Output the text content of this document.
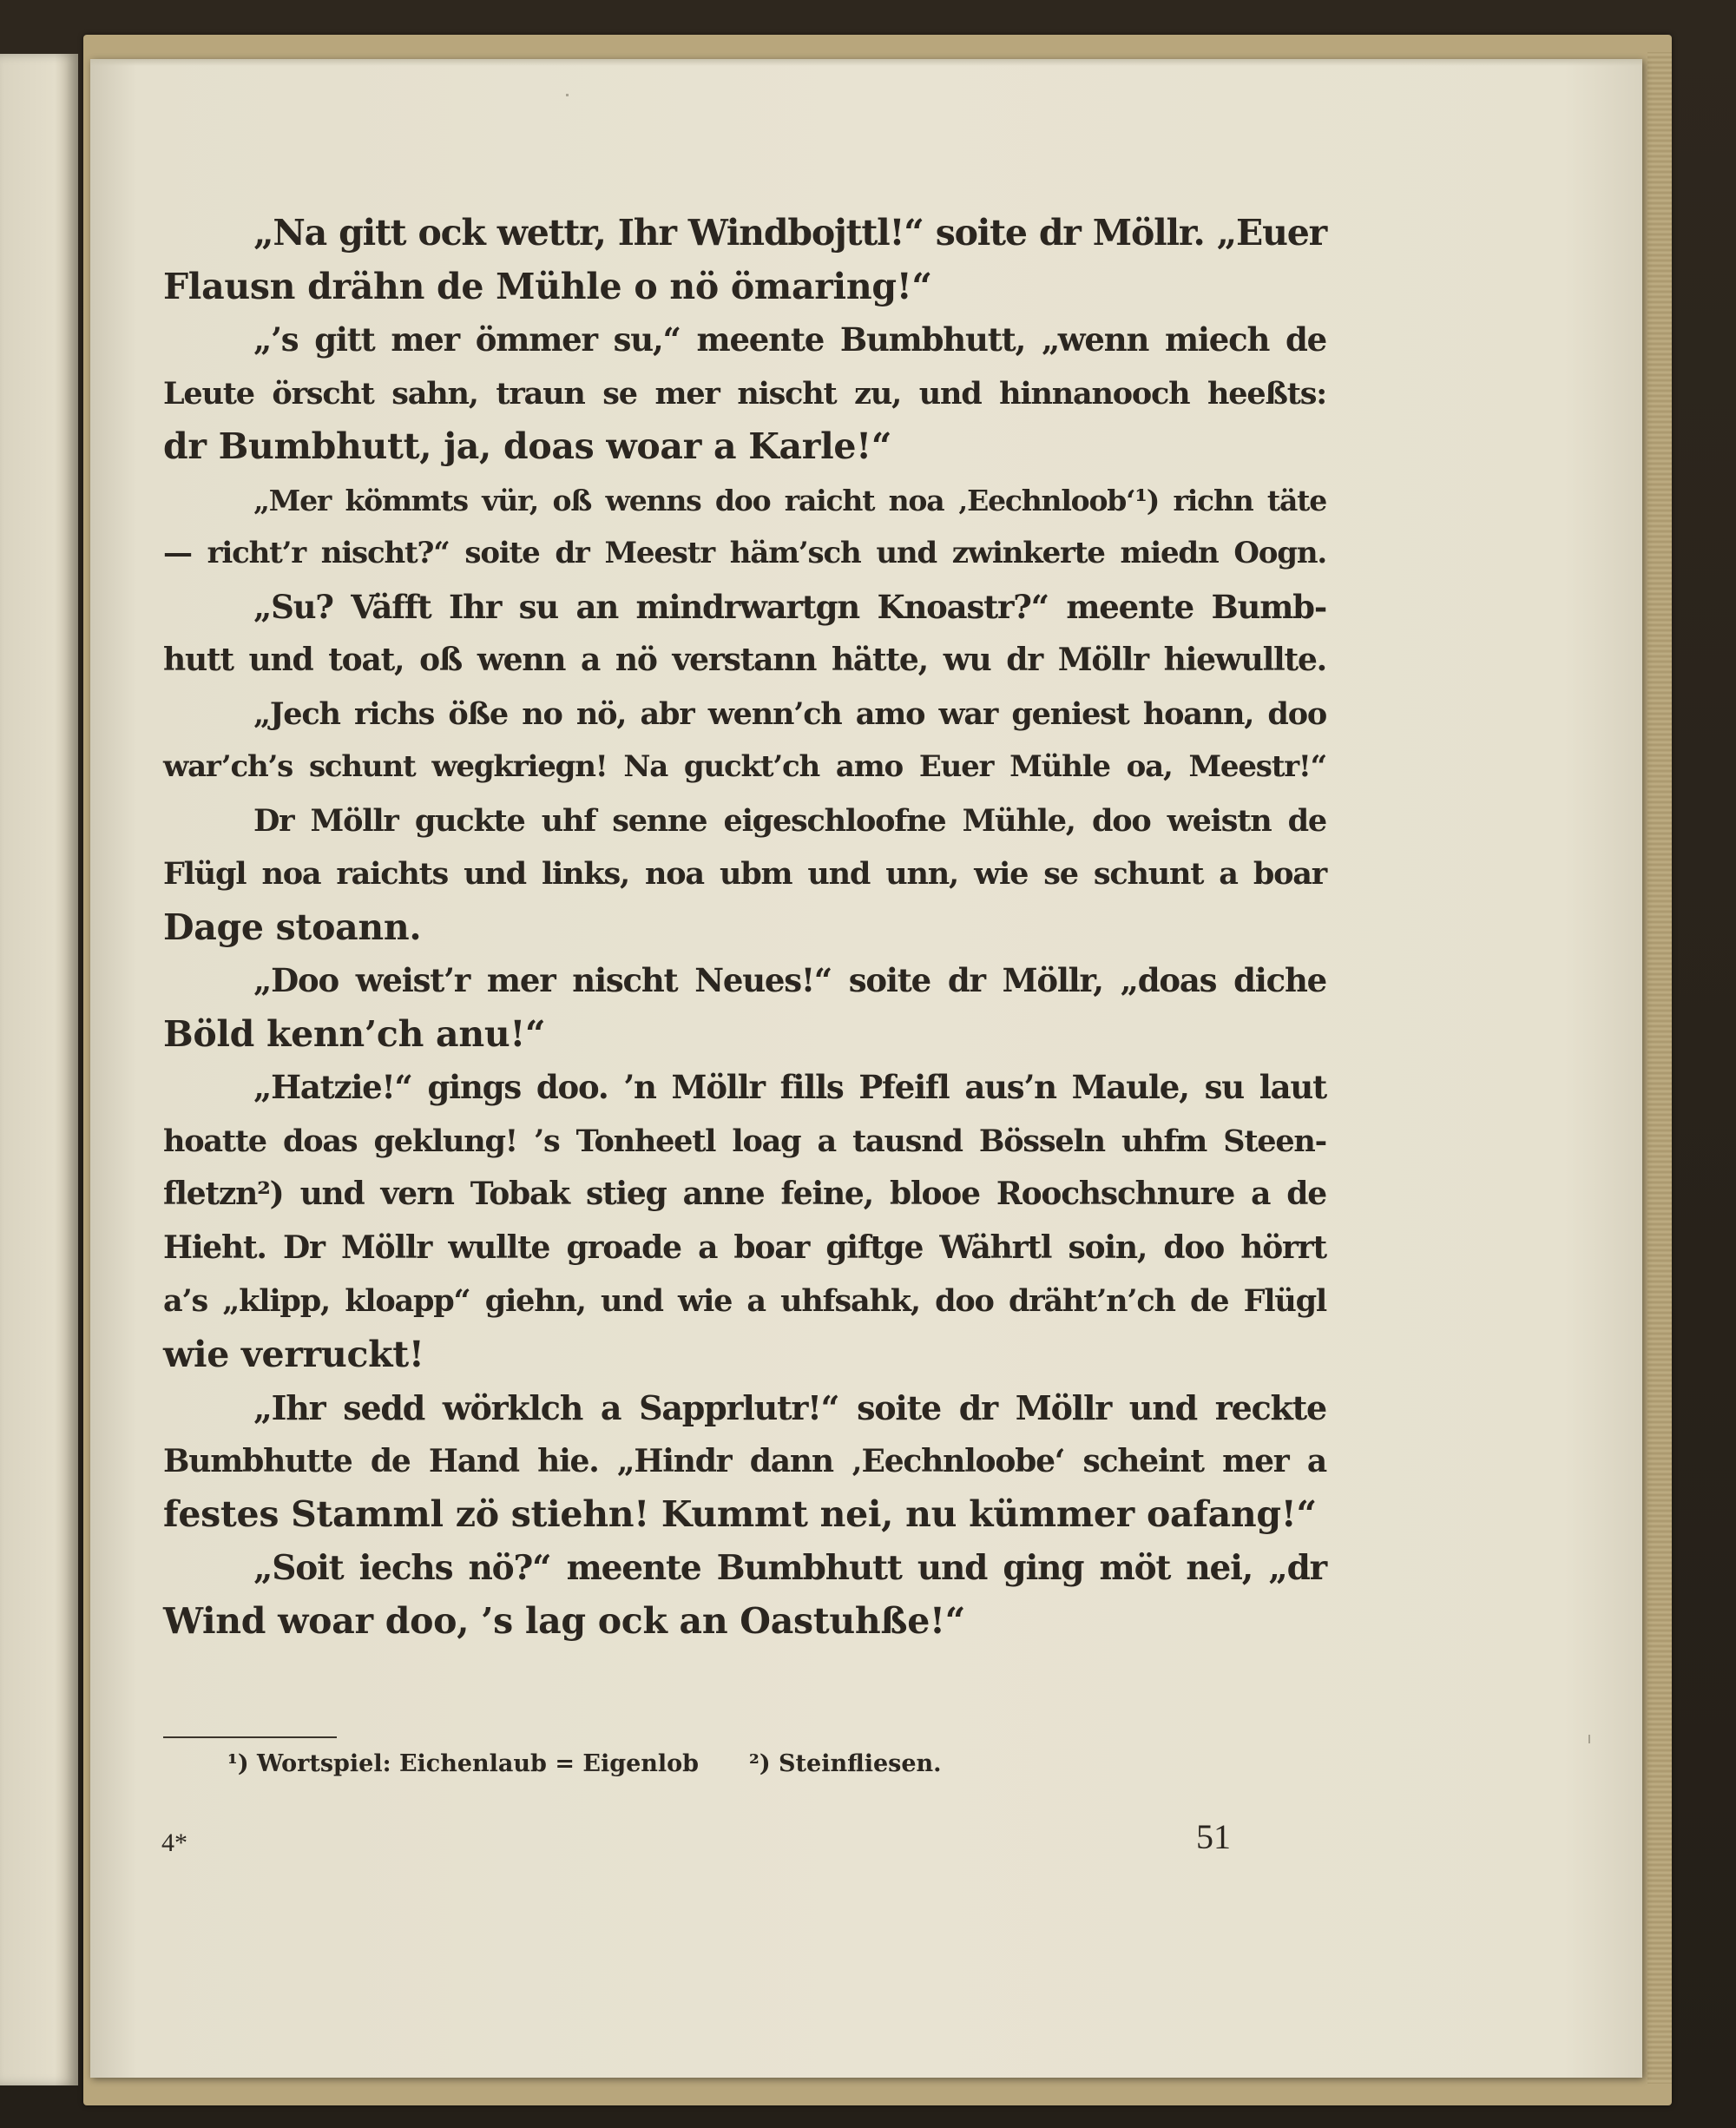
„Na gitt ock wettr, Ihr Windbojttl!“ soite dr Möllr. „Euer
Flausn drähn de Mühle o nö ömaring!“
„’s gitt mer ömmer su,“ meente Bumbhutt, „wenn miech de
Leute örscht sahn, traun se mer nischt zu, und hinnanooch heeßts:
dr Bumbhutt, ja, doas woar a Karle!“
„Mer kömmts vür, oß wenns doo raicht noa ‚Eechnloob‘¹) richn täte
— richt’r nischt?“ soite dr Meestr häm’sch und zwinkerte miedn Oogn.
„Su? Väfft Ihr su an mindrwartgn Knoastr?“ meente Bumb-
hutt und toat, oß wenn a nö verstann hätte, wu dr Möllr hiewullte.
„Jech richs öße no nö, abr wenn’ch amo war geniest hoann, doo
war’ch’s schunt wegkriegn! Na guckt’ch amo Euer Mühle oa, Meestr!“
Dr Möllr guckte uhf senne eigeschloofne Mühle, doo weistn de
Flügl noa raichts und links, noa ubm und unn, wie se schunt a boar
Dage stoann.
„Doo weist’r mer nischt Neues!“ soite dr Möllr, „doas diche
Böld kenn’ch anu!“
„Hatzie!“ gings doo. ’n Möllr fills Pfeifl aus’n Maule, su laut
hoatte doas geklung! ’s Tonheetl loag a tausnd Bösseln uhfm Steen-
fletzn²) und vern Tobak stieg anne feine, blooe Roochschnure a de
Hieht. Dr Möllr wullte groade a boar giftge Währtl soin, doo hörrt
a’s „klipp, kloapp“ giehn, und wie a uhfsahk, doo dräht’n’ch de Flügl
wie verruckt!
„Ihr sedd wörklch a Sapprlutr!“ soite dr Möllr und reckte
Bumbhutte de Hand hie. „Hindr dann ‚Eechnloobe‘ scheint mer a
festes Stamml zö stiehn! Kummt nei, nu kümmer oafang!“
„Soit iechs nö?“ meente Bumbhutt und ging möt nei, „dr
Wind woar doo, ’s lag ock an Oastuhße!“
¹) Wortspiel: Eichenlaub = Eigenlob ²) Steinfliesen.
4*	51
